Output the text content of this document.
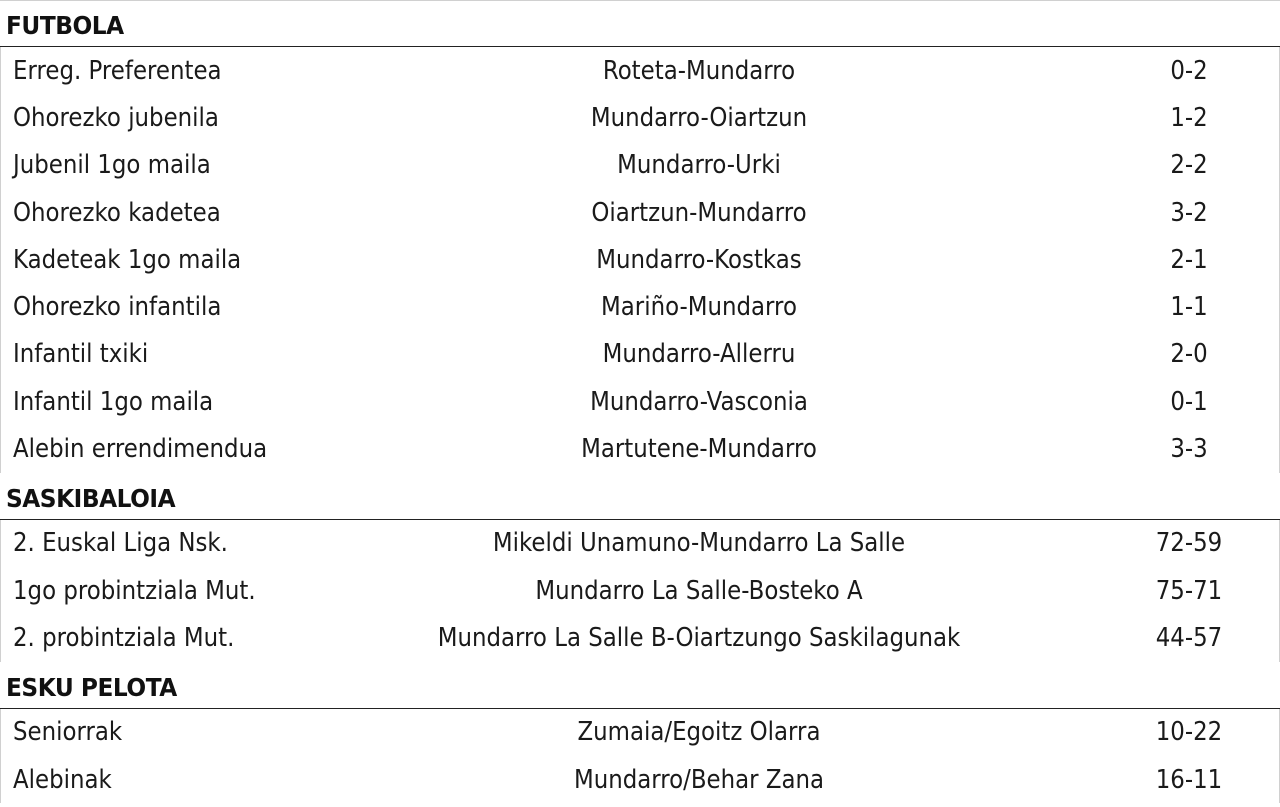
FUTBOLA
Erreg. Preferentea	Roteta-Mundarro	0-2
Ohorezko jubenila	Mundarro-Oiartzun	1-2
Jubenil 1go maila	Mundarro-Urki	2-2
Ohorezko kadetea	Oiartzun-Mundarro	3-2
Kadeteak 1go maila	Mundarro-Kostkas	2-1
Ohorezko infantila	Mariño-Mundarro	1-1
Infantil txiki	Mundarro-Allerru	2-0
Infantil 1go maila	Mundarro-Vasconia	0-1
Alebin errendimendua	Martutene-Mundarro	3-3
SASKIBALOIA
2. Euskal Liga Nsk.	Mikeldi Unamuno-Mundarro La Salle	72-59
1go probintziala Mut.	Mundarro La Salle-Bosteko A	75-71
2. probintziala Mut.	Mundarro La Salle B-Oiartzungo Saskilagunak	44-57
ESKU PELOTA
Seniorrak	Zumaia/Egoitz Olarra	10-22
Alebinak	Mundarro/Behar Zana	16-11
